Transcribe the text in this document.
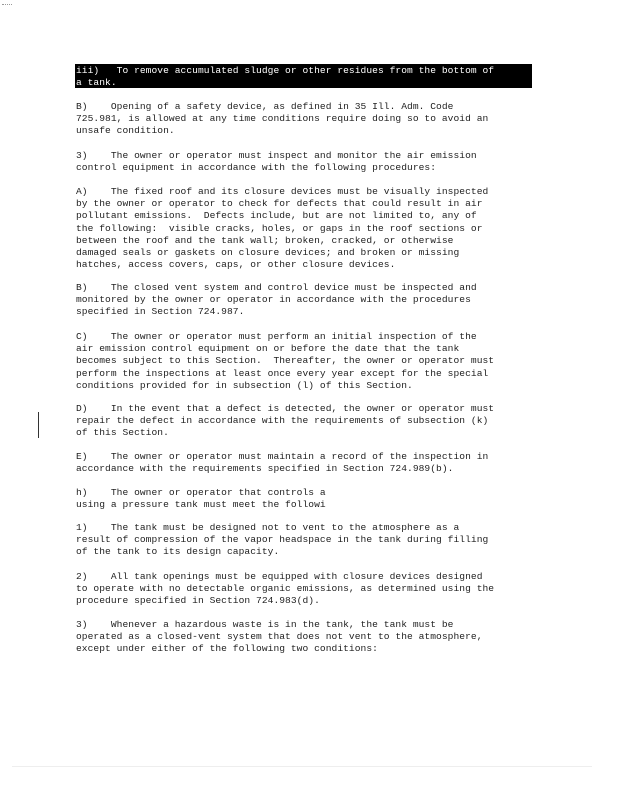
iii)   To remove accumulated sludge or other residues from the bottom of
a tank.
B)    Opening of a safety device, as defined in 35 Ill. Adm. Code
725.981, is allowed at any time conditions require doing so to avoid an
unsafe condition.
3)    The owner or operator must inspect and monitor the air emission
control equipment in accordance with the following procedures:
A)    The fixed roof and its closure devices must be visually inspected
by the owner or operator to check for defects that could result in air
pollutant emissions.  Defects include, but are not limited to, any of
the following:  visible cracks, holes, or gaps in the roof sections or
between the roof and the tank wall; broken, cracked, or otherwise
damaged seals or gaskets on closure devices; and broken or missing
hatches, access covers, caps, or other closure devices.
B)    The closed vent system and control device must be inspected and
monitored by the owner or operator in accordance with the procedures
specified in Section 724.987.
C)    The owner or operator must perform an initial inspection of the
air emission control equipment on or before the date that the tank
becomes subject to this Section.  Thereafter, the owner or operator must
perform the inspections at least once every year except for the special
conditions provided for in subsection (l) of this Section.
D)    In the event that a defect is detected, the owner or operator must
repair the defect in accordance with the requirements of subsection (k)
of this Section.
E)    The owner or operator must maintain a record of the inspection in
accordance with the requirements specified in Section 724.989(b).
h)    The owner or operator that controls a
using a pressure tank must meet the followi
1)    The tank must be designed not to vent to the atmosphere as a
result of compression of the vapor headspace in the tank during filling
of the tank to its design capacity.
2)    All tank openings must be equipped with closure devices designed
to operate with no detectable organic emissions, as determined using the
procedure specified in Section 724.983(d).
3)    Whenever a hazardous waste is in the tank, the tank must be
operated as a closed-vent system that does not vent to the atmosphere,
except under either of the following two conditions:
